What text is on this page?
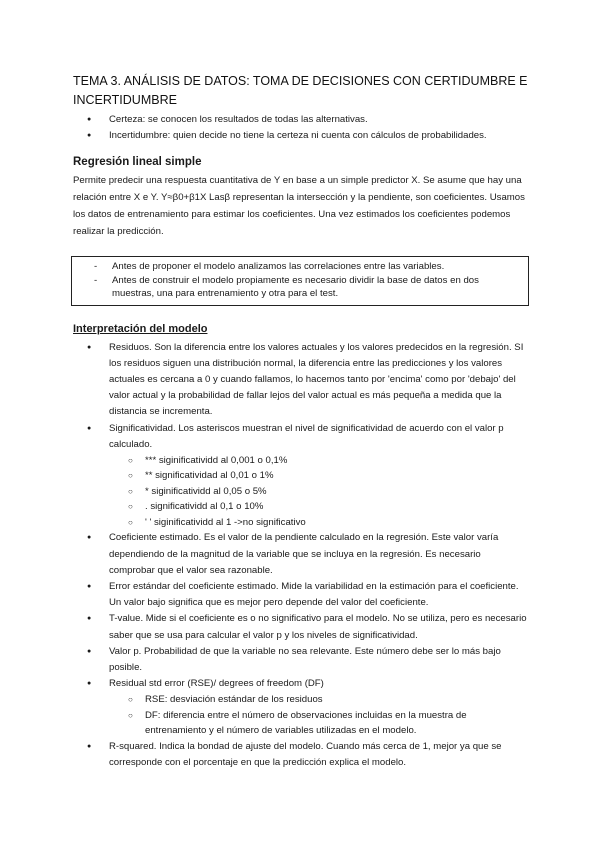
TEMA 3. ANÁLISIS DE DATOS: TOMA DE DECISIONES CON CERTIDUMBRE E INCERTIDUMBRE
● Certeza: se conocen los resultados de todas las alternativas.
● Incertidumbre: quien decide no tiene la certeza ni cuenta con cálculos de probabilidades.
Regresión lineal simple

Permite predecir una respuesta cuantitativa de Y en base a un simple predictor X. Se asume que hay una relación entre X e Y. Y≈β0+β1X Lasβ representan la intersección y la pendiente, son coeficientes. Usamos los datos de entrenamiento para estimar los coeficientes. Una vez estimados los coeficientes podemos realizar la predicción.

- Antes de proponer el modelo analizamos las correlaciones entre las variables.
- Antes de construir el modelo propiamente es necesario dividir la base de datos en dos muestras, una para entrenamiento y otra para el test.
Interpretación del modelo
● Residuos. Son la diferencia entre los valores actuales y los valores predecidos en la regresión. SI los residuos siguen una distribución normal, la diferencia entre las predicciones y los valores actuales es cercana a 0 y cuando fallamos, lo hacemos tanto por 'encima' como por 'debajo' del valor actual y la probabilidad de fallar lejos del valor actual es más pequeña a medida que la distancia se incrementa.
● Significatividad. Los asteriscos muestran el nivel de significatividad de acuerdo con el valor p calculado.
○ *** siginificatividd al 0,001 o 0,1%
○ ** significatividad al 0,01 o 1%
○ * siginificatividd al 0,05 o 5%
○ . significatividd al 0,1 o 10%
○ ' ' siginificatividd al 1 ->no significativo
● Coeficiente estimado. Es el valor de la pendiente calculado en la regresión. Este valor varía dependiendo de la magnitud de la variable que se incluya en la regresión. Es necesario comprobar que el valor sea razonable.
● Error estándar del coeficiente estimado. Mide la variabilidad en la estimación para el coeficiente. Un valor bajo significa que es mejor pero depende del valor del coeficiente.
● T-value. Mide si el coeficiente es o no significativo para el modelo. No se utiliza, pero es necesario saber que se usa para calcular el valor p y los niveles de significatividad.
● Valor p. Probabilidad de que la variable no sea relevante. Este número debe ser lo más bajo posible.
● Residual std error (RSE)/ degrees of freedom (DF)
○ RSE: desviación estándar de los residuos
○ DF: diferencia entre el número de observaciones incluidas en la muestra de entrenamiento y el número de variables utilizadas en el modelo.
● R-squared. Indica la bondad de ajuste del modelo. Cuando más cerca de 1, mejor ya que se corresponde con el porcentaje en que la predicción explica el modelo.
